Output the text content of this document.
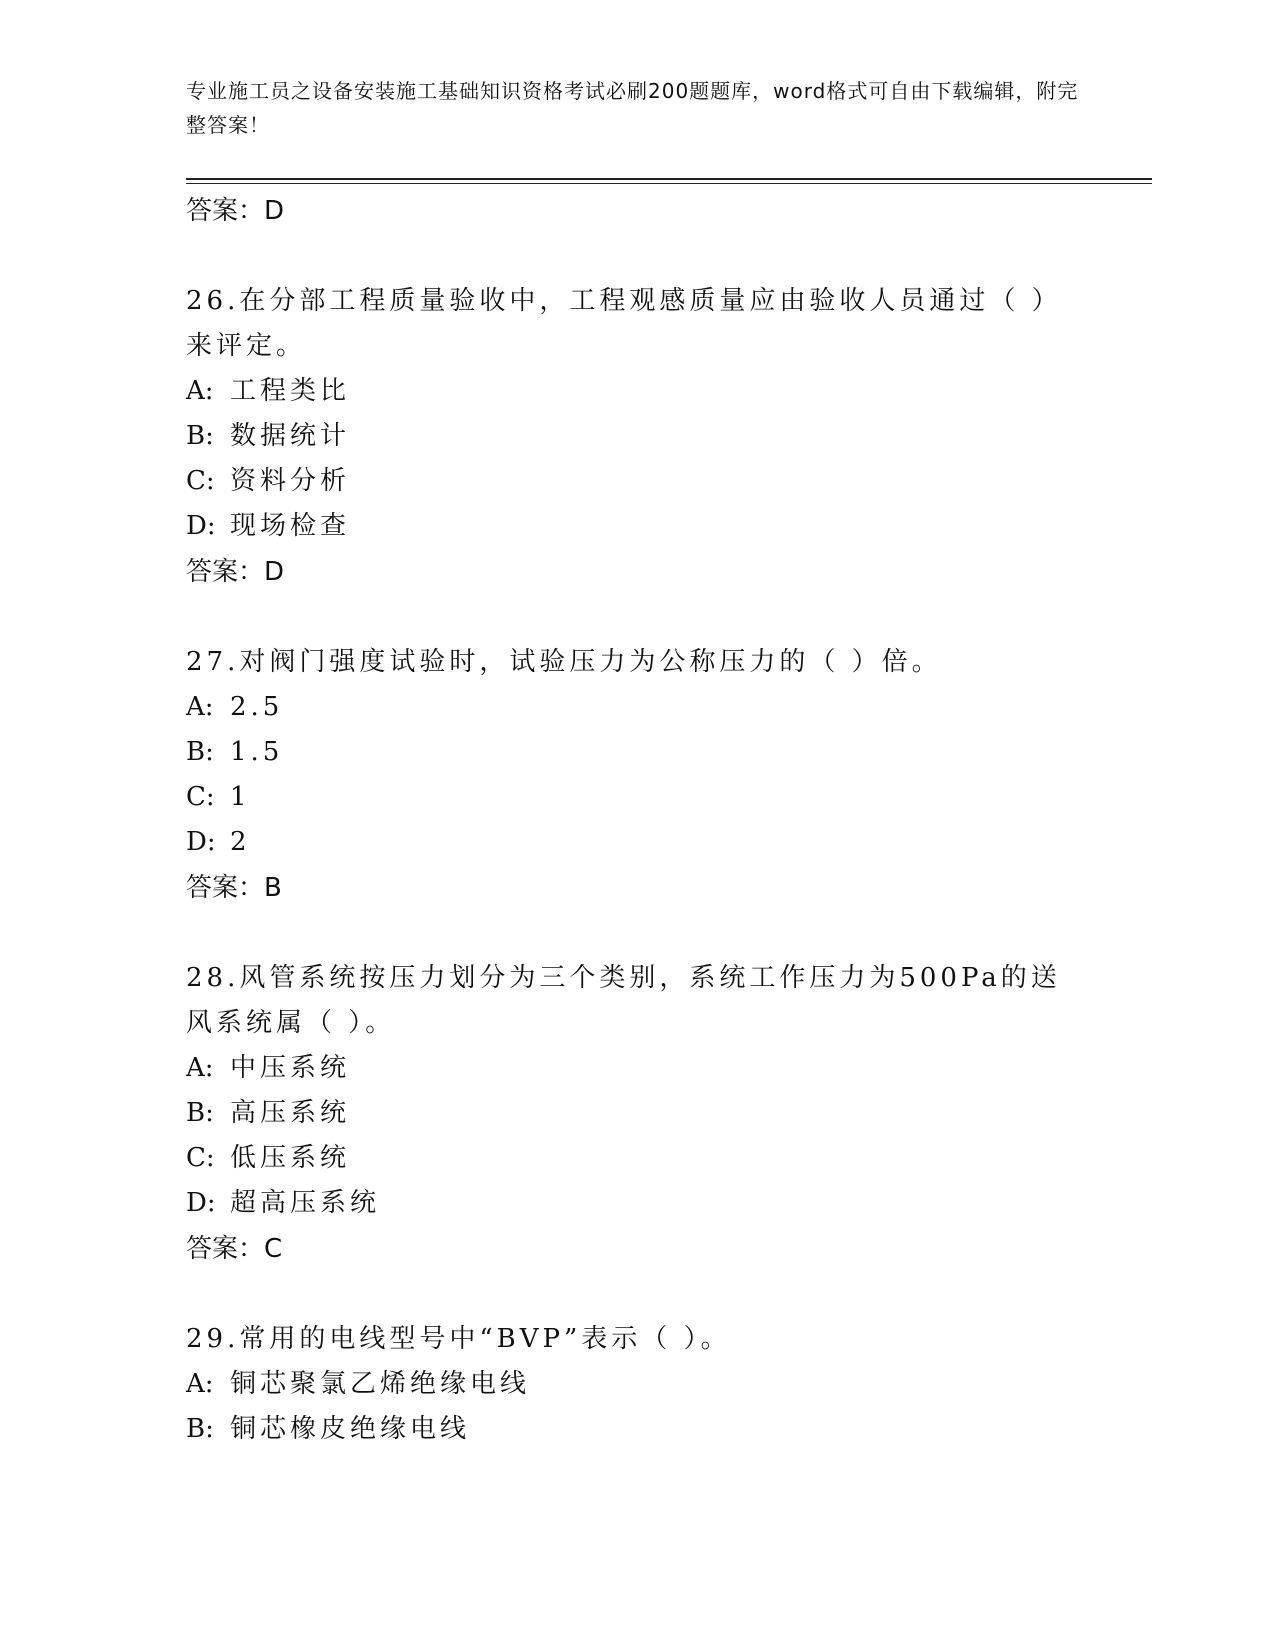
专业施工员之设备安装施工基础知识资格考试必刷200题题库，word格式可自由下载编辑，附完整答案！
答案：D
26.在分部工程质量验收中，工程观感质量应由验收人员通过（ ）来评定。
A: 工程类比
B: 数据统计
C: 资料分析
D: 现场检查
答案：D
27.对阀门强度试验时，试验压力为公称压力的（ ）倍。
A: 2.5
B: 1.5
C: 1
D: 2
答案：B
28.风管系统按压力划分为三个类别，系统工作压力为500Pa的送风系统属（ ）。
A: 中压系统
B: 高压系统
C: 低压系统
D: 超高压系统
答案：C
29.常用的电线型号中“BVP”表示（ ）。
A: 铜芯聚氯乙烯绝缘电线
B: 铜芯橡皮绝缘电线
